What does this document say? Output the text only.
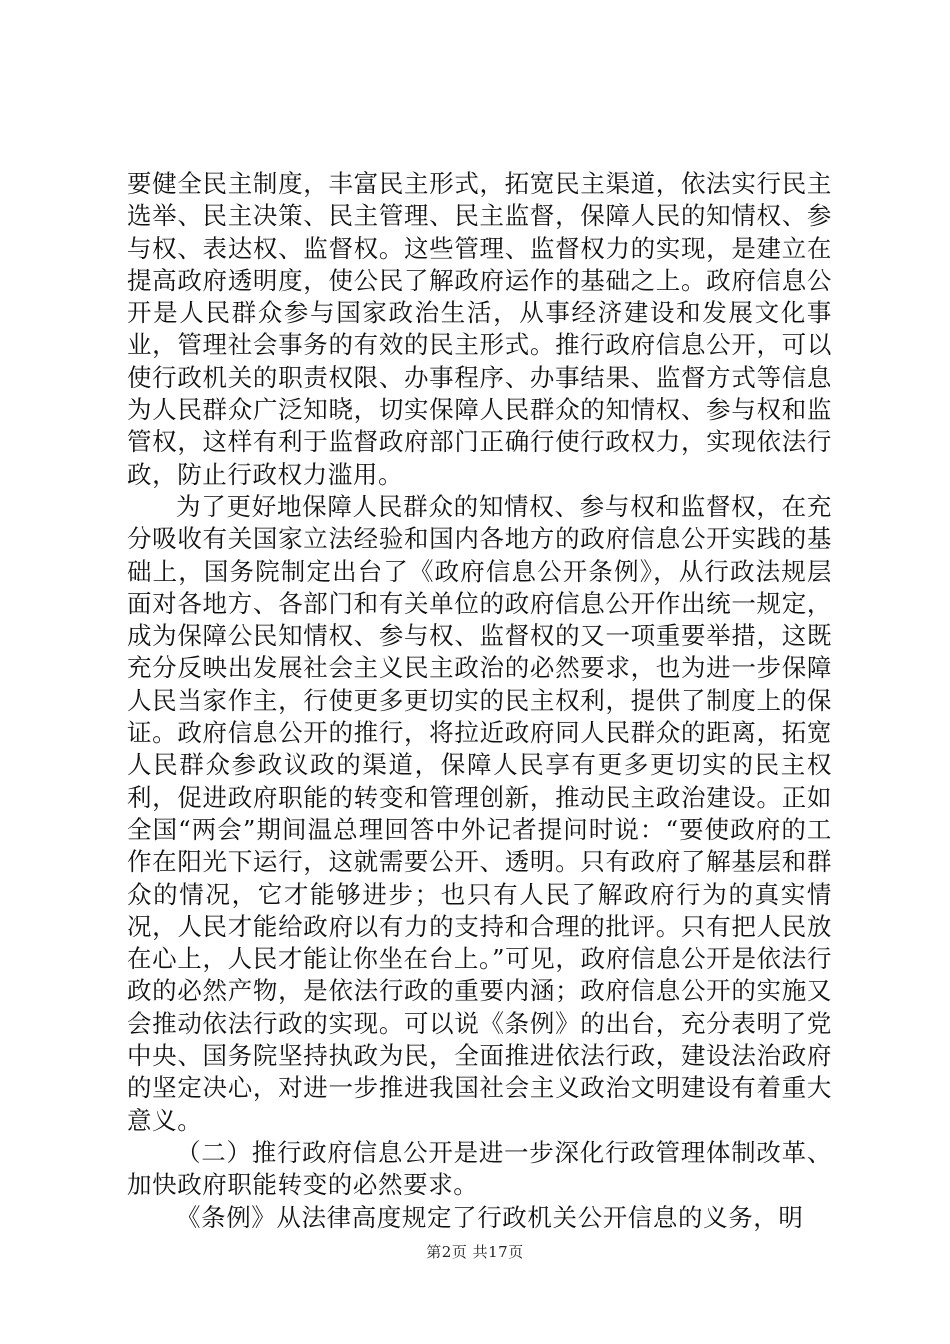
要健全民主制度，丰富民主形式，拓宽民主渠道，依法实行民主选举、民主决策、民主管理、民主监督，保障人民的知情权、参与权、表达权、监督权。这些管理、监督权力的实现，是建立在提高政府透明度，使公民了解政府运作的基础之上。政府信息公开是人民群众参与国家政治生活，从事经济建设和发展文化事业，管理社会事务的有效的民主形式。推行政府信息公开，可以使行政机关的职责权限、办事程序、办事结果、监督方式等信息为人民群众广泛知晓，切实保障人民群众的知情权、参与权和监管权，这样有利于监督政府部门正确行使行政权力，实现依法行政，防止行政权力滥用。

为了更好地保障人民群众的知情权、参与权和监督权，在充分吸收有关国家立法经验和国内各地方的政府信息公开实践的基础上，国务院制定出台了《政府信息公开条例》，从行政法规层面对各地方、各部门和有关单位的政府信息公开作出统一规定，成为保障公民知情权、参与权、监督权的又一项重要举措，这既充分反映出发展社会主义民主政治的必然要求，也为进一步保障人民当家作主，行使更多更切实的民主权利，提供了制度上的保证。政府信息公开的推行，将拉近政府同人民群众的距离，拓宽人民群众参政议政的渠道，保障人民享有更多更切实的民主权利，促进政府职能的转变和管理创新，推动民主政治建设。正如全国“两会”期间温总理回答中外记者提问时说：“要使政府的工作在阳光下运行，这就需要公开、透明。只有政府了解基层和群众的情况，它才能够进步；也只有人民了解政府行为的真实情况，人民才能给政府以有力的支持和合理的批评。只有把人民放在心上，人民才能让你坐在台上。”可见，政府信息公开是依法行政的必然产物，是依法行政的重要内涵；政府信息公开的实施又会推动依法行政的实现。可以说《条例》的出台，充分表明了党中央、国务院坚持执政为民，全面推进依法行政，建设法治政府的坚定决心，对进一步推进我国社会主义政治文明建设有着重大意义。

（二）推行政府信息公开是进一步深化行政管理体制改革、加快政府职能转变的必然要求。

《条例》从法律高度规定了行政机关公开信息的义务，明

第2页 共17页
